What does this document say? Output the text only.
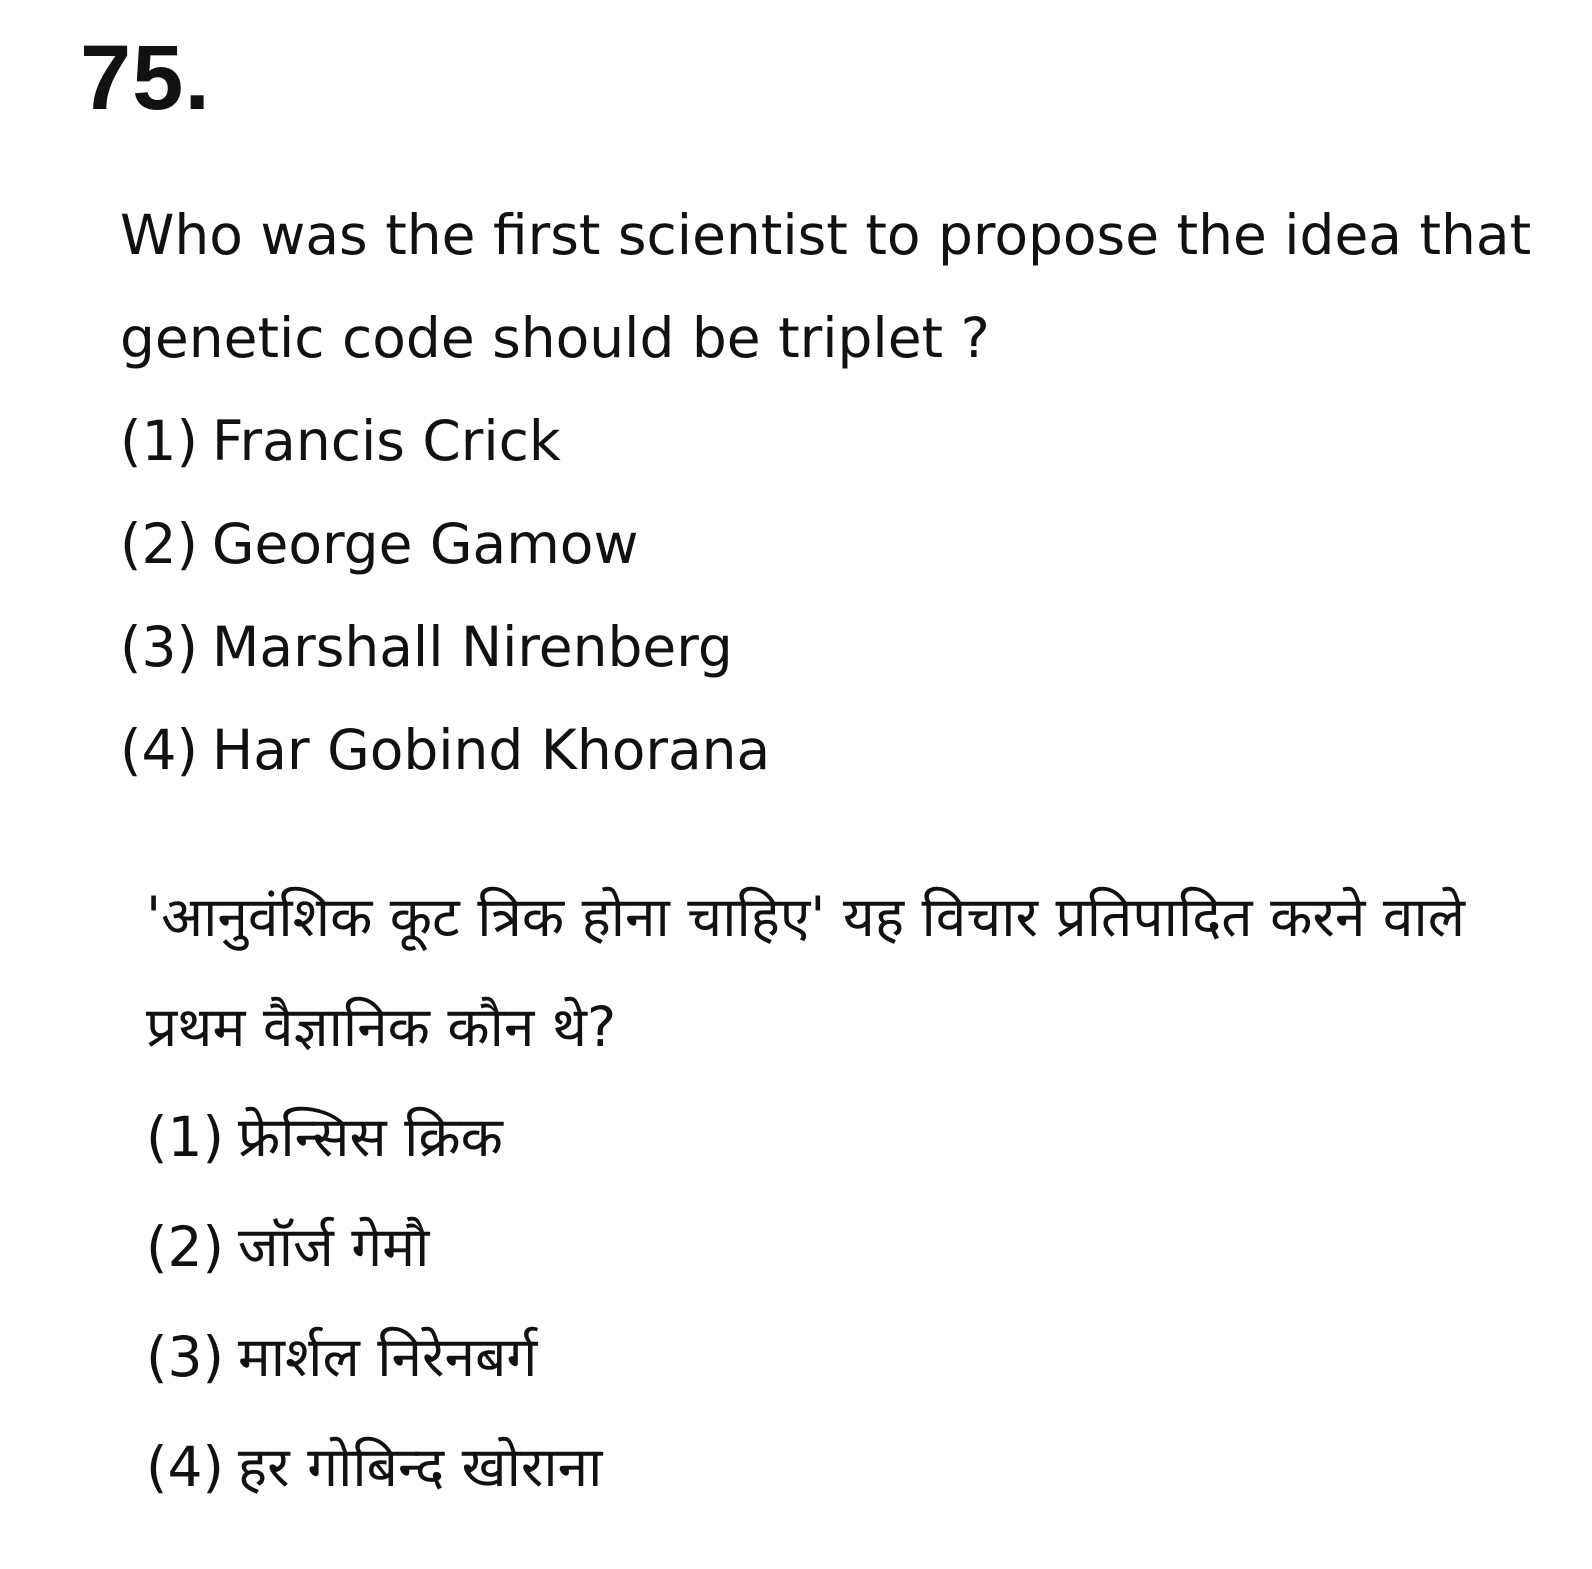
75.

Who was the first scientist to propose the idea that genetic code should be triplet ?

(1) Francis Crick

(2) George Gamow

(3) Marshall Nirenberg

(4) Har Gobind Khorana

'आनुवंशिक कूट त्रिक होना चाहिए' यह विचार प्रतिपादित करने वाले प्रथम वैज्ञानिक कौन थे?

(1) फ्रेन्सिस क्रिक

(2) जॉर्ज गेमौ

(3) मार्शल निरेनबर्ग

(4) हर गोबिन्द खोराना
